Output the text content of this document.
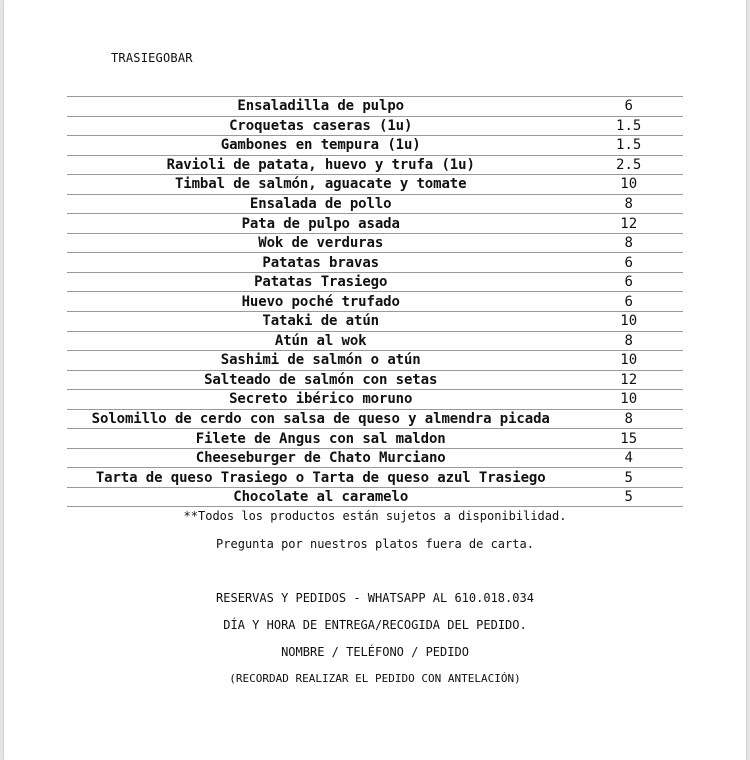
TRASIEGOBAR
Ensaladilla de pulpo	6
Croquetas caseras (1u)	1.5
Gambones en tempura (1u)	1.5
Ravioli de patata, huevo y trufa (1u)	2.5
Timbal de salmón, aguacate y tomate	10
Ensalada de pollo	8
Pata de pulpo asada	12
Wok de verduras	8
Patatas bravas	6
Patatas Trasiego	6
Huevo poché trufado	6
Tataki de atún	10
Atún al wok	8
Sashimi de salmón o atún	10
Salteado de salmón con setas	12
Secreto ibérico moruno	10
Solomillo de cerdo con salsa de queso y almendra picada	8
Filete de Angus con sal maldon	15
Cheeseburger de Chato Murciano	4
Tarta de queso Trasiego o Tarta de queso azul Trasiego	5
Chocolate al caramelo	5
**Todos los productos están sujetos a disponibilidad.
Pregunta por nuestros platos fuera de carta.
RESERVAS Y PEDIDOS - WHATSAPP AL 610.018.034
DÍA Y HORA DE ENTREGA/RECOGIDA DEL PEDIDO.
NOMBRE / TELÉFONO / PEDIDO
(RECORDAD REALIZAR EL PEDIDO CON ANTELACIÓN)
